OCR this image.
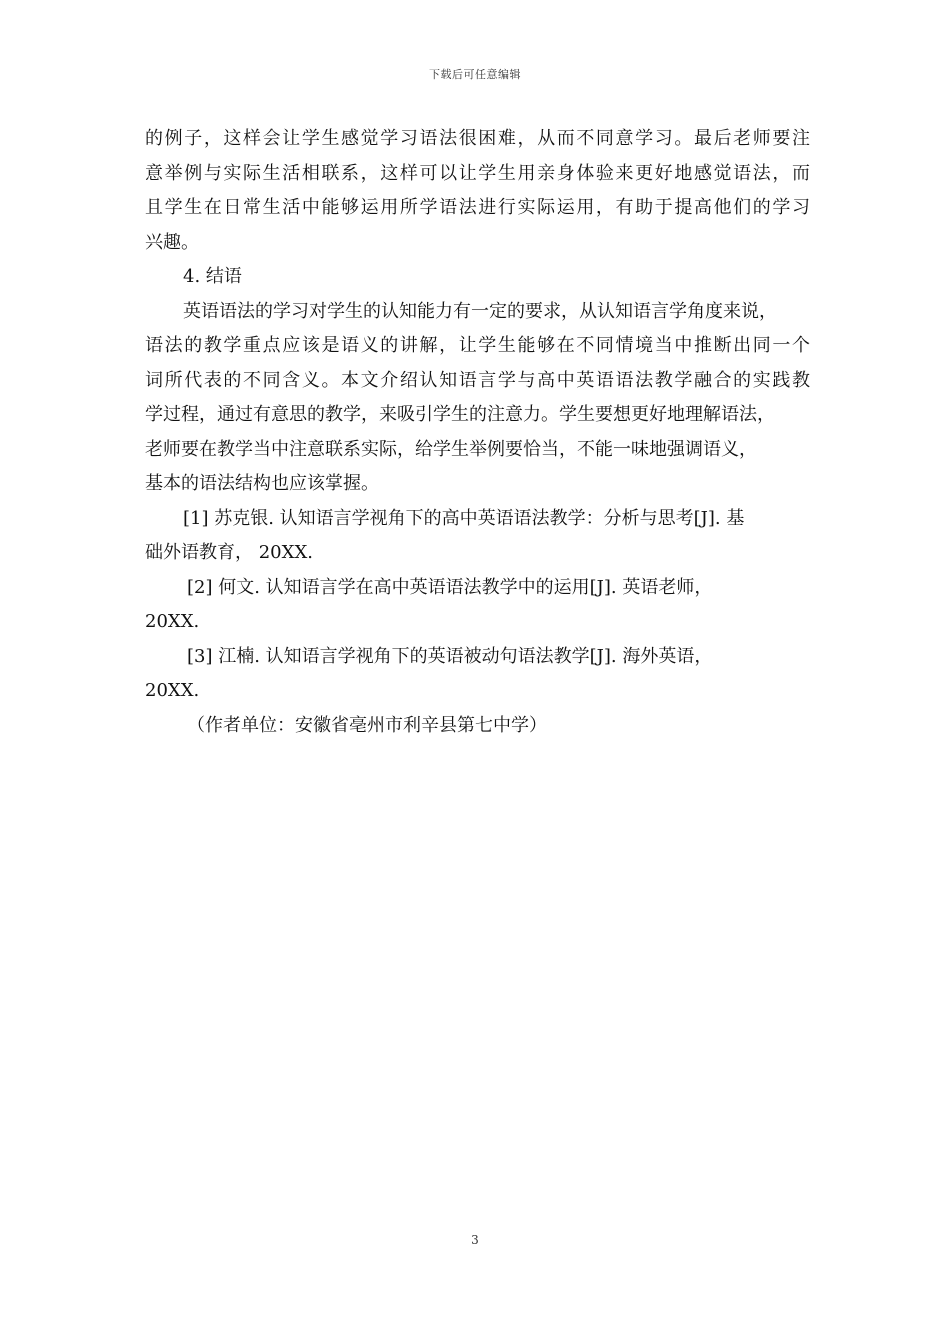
下载后可任意编辑
的例子，这样会让学生感觉学习语法很困难，从而不同意学习。最后老师要注
意举例与实际生活相联系，这样可以让学生用亲身体验来更好地感觉语法，而
且学生在日常生活中能够运用所学语法进行实际运用，有助于提高他们的学习
兴趣。
4. 结语
英语语法的学习对学生的认知能力有一定的要求，从认知语言学角度来说，
语法的教学重点应该是语义的讲解，让学生能够在不同情境当中推断出同一个
词所代表的不同含义。本文介绍认知语言学与高中英语语法教学融合的实践教
学过程，通过有意思的教学，来吸引学生的注意力。学生要想更好地理解语法，
老师要在教学当中注意联系实际，给学生举例要恰当，不能一味地强调语义，
基本的语法结构也应该掌握。
[1] 苏克银. 认知语言学视角下的高中英语语法教学：分析与思考[J]. 基
础外语教育， 20XX.
[2] 何文. 认知语言学在高中英语语法教学中的运用[J]. 英语老师，
20XX.
[3] 江楠. 认知语言学视角下的英语被动句语法教学[J]. 海外英语，
20XX.
（作者单位：安徽省亳州市利辛县第七中学）
3
